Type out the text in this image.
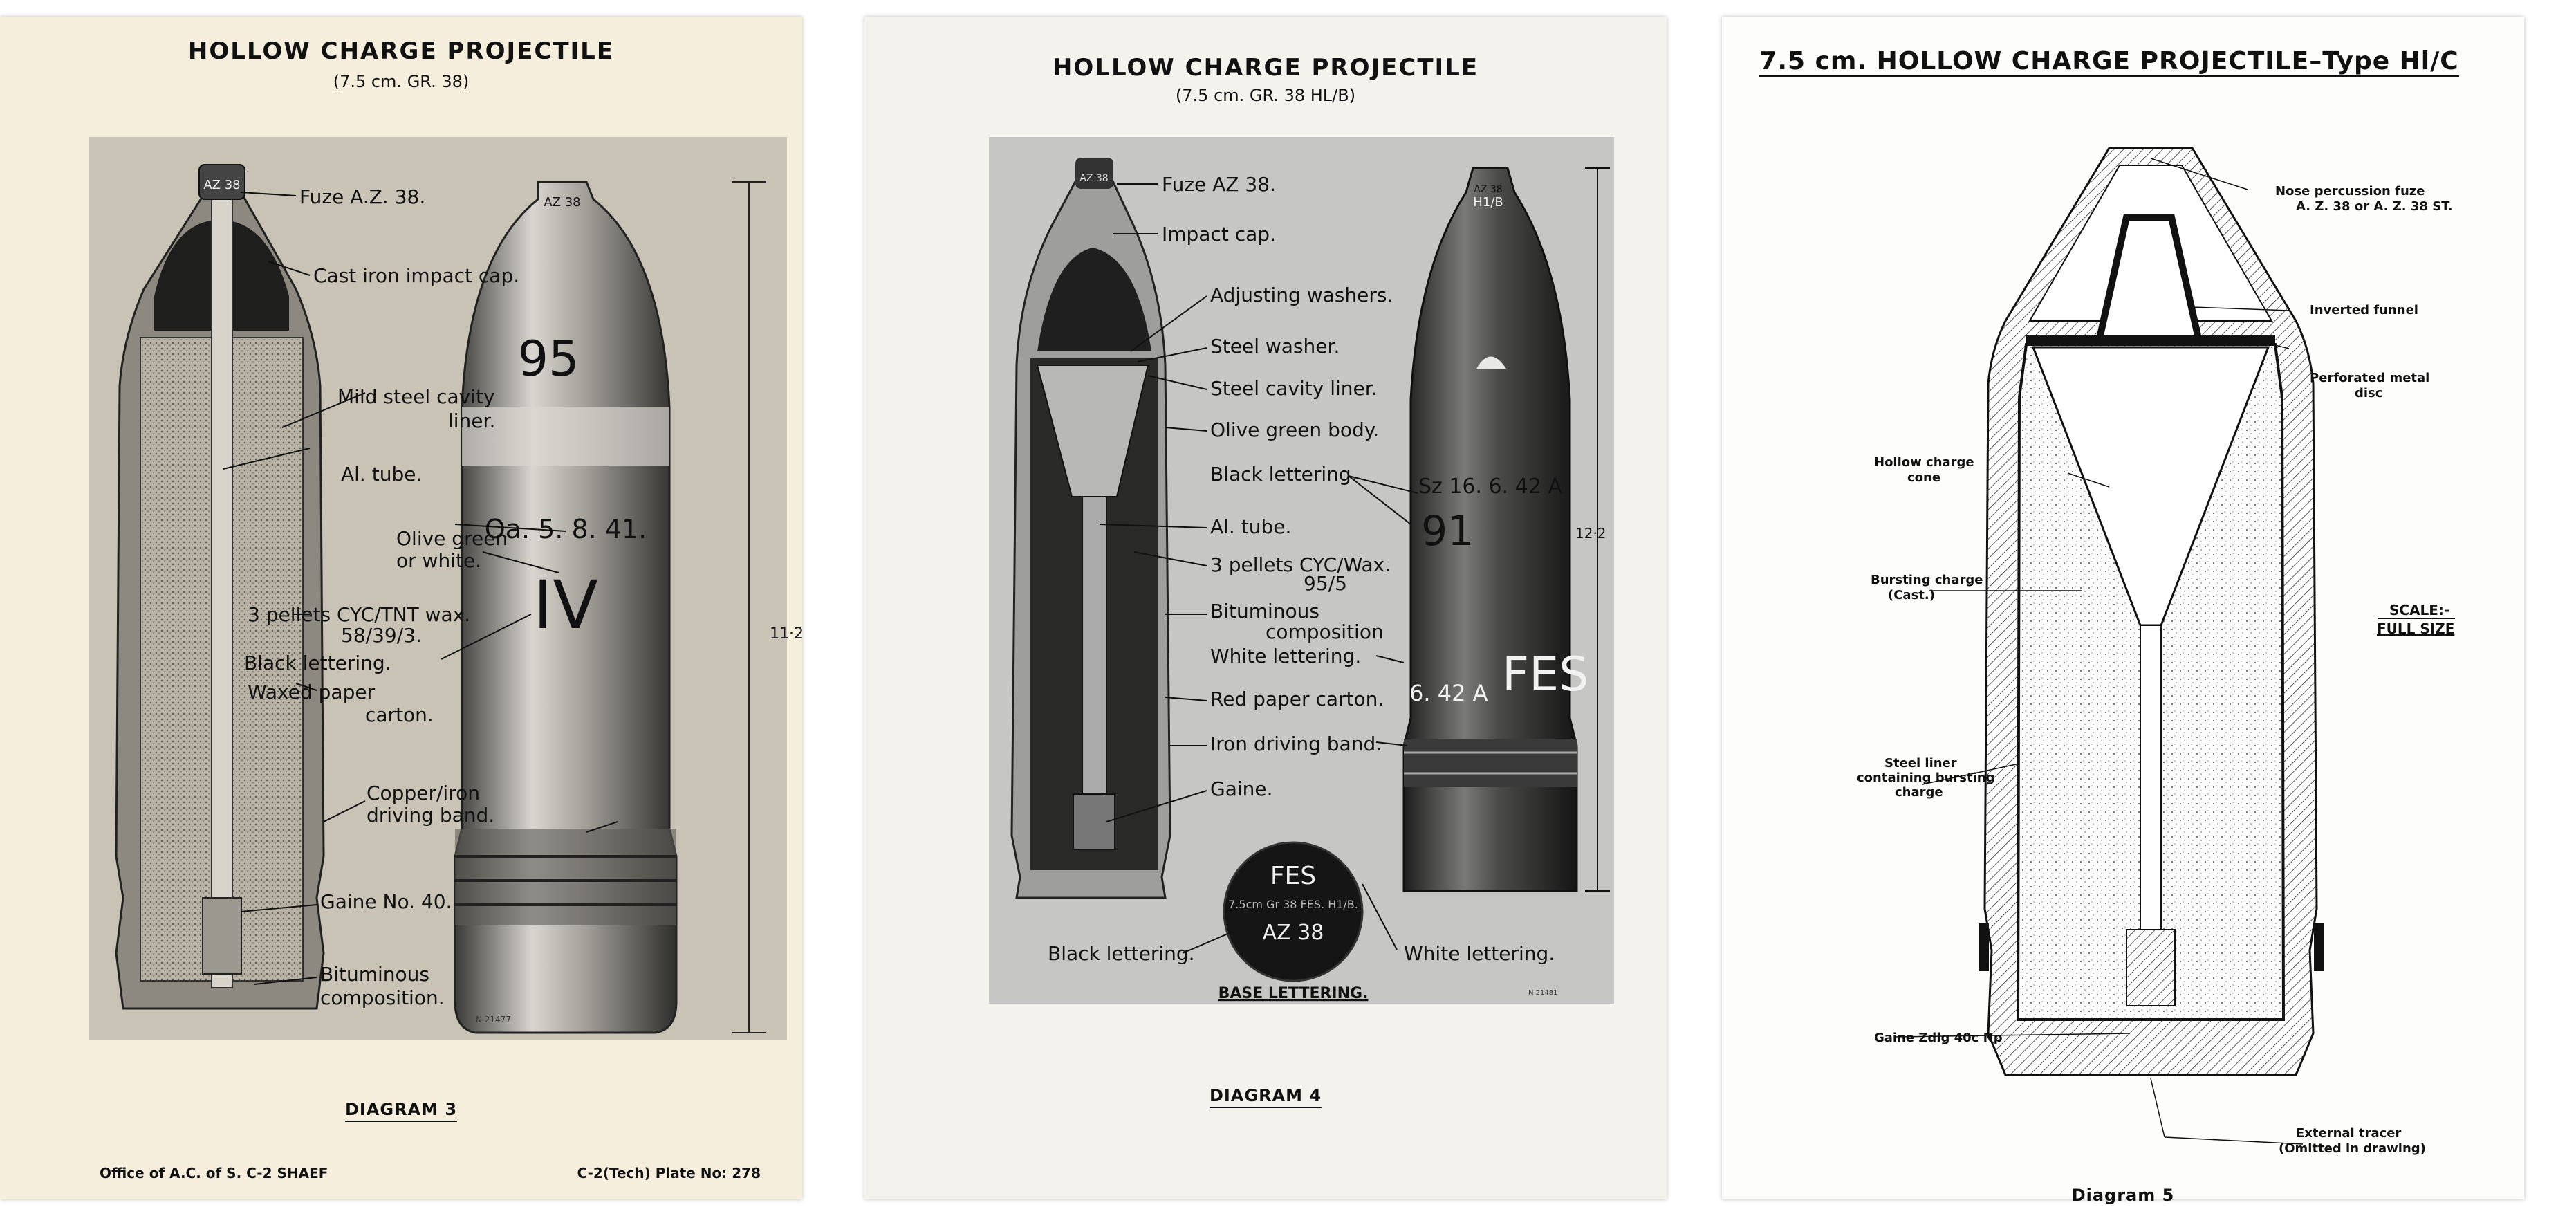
HOLLOW CHARGE PROJECTILE
(7.5 cm. GR. 38)
AZ 38
AZ 38
95
Oa. 5. 8. 41.
IV	11·2
N 21477
Fuze A.Z. 38.
Cast iron impact cap.
Mild steel cavity
liner.
Al. tube.
Olive green
or white.
3 pellets CYC/TNT wax.
58/39/3.
Black lettering.
Waxed paper
carton.
Copper/iron
driving band.
Gaine No. 40.
Bituminous
composition.
DIAGRAM 3
Office of A.C. of S. C-2 SHAEF	C-2(Tech) Plate No: 278
HOLLOW CHARGE PROJECTILE
(7.5 cm. GR. 38 HL/B)
AZ 38
AZ 38
H1/B
Sz 16. 6. 42 A
91
6. 42 A FES
12·2
FES
7.5cm Gr 38 FES. H1/B.
AZ 38
N 21481
Fuze AZ 38.
Impact cap.
Adjusting washers.
Steel washer.
Steel cavity liner.
Olive green body.
Black lettering.
Al. tube.
3 pellets CYC/Wax.
95/5
Bituminous
composition
White lettering.
Red paper carton.
Iron driving band.
Gaine.
Black lettering.	White lettering.
BASE LETTERING.
DIAGRAM 4
7.5 cm. HOLLOW CHARGE PROJECTILE–Type Hl/C
Nose percussion fuze
A. Z. 38 or A. Z. 38 ST.
Inverted funnel
Perforated metal
disc
Hollow charge
cone
Bursting charge
(Cast.)
Steel liner
containing bursting
charge
Gaine Zdlg 40c Np
External tracer
(Omitted in drawing)
SCALE:-
FULL SIZE
Diagram 5
